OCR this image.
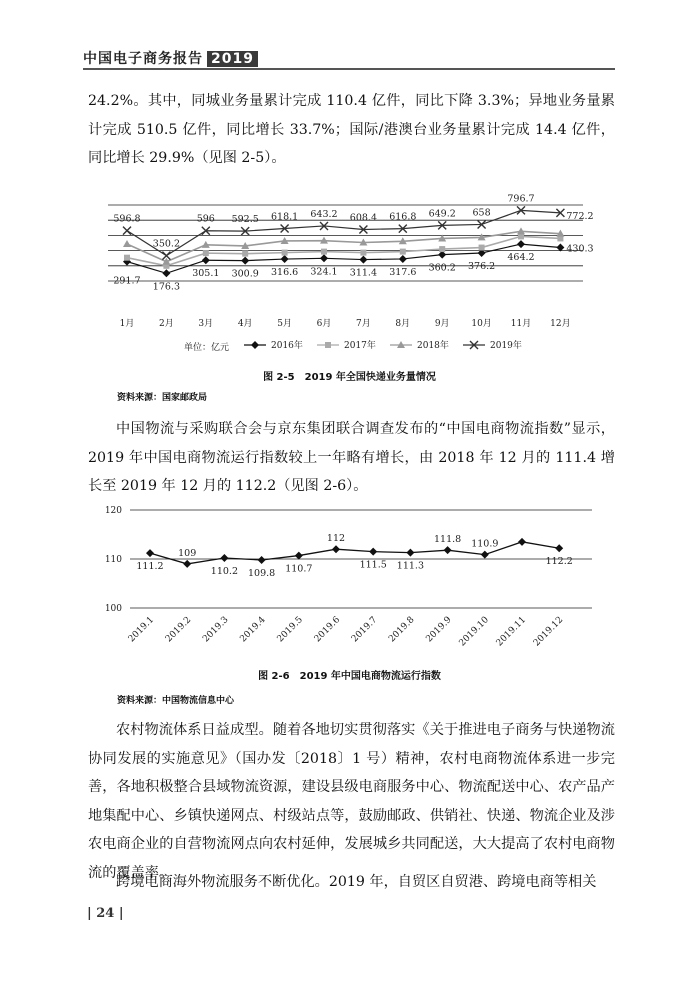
中国电子商务报告 2019
24.2%。其中，同城业务量累计完成 110.4 亿件，同比下降 3.3%；异地业务量累计完成 510.5 亿件，同比增长 33.7%；国际/港澳台业务量累计完成 14.4 亿件，同比增长 29.9%（见图 2-5）。
1月	2月	3月	4月	5月	6月	7月	8月	9月 10月 11月 12月
291.7
176.3
305.1 300.9 316.6 324.1 311.4 317.6 360.2 376.2
464.2
430.3
596.8
350.2
596 592.5 618.1 643.2 608.4 616.8 649.2 658
796.7
772.2
单位：亿元	2016年	2017年	2018年	2019年
图 2-5　2019 年全国快递业务量情况
资料来源：国家邮政局
中国物流与采购联合会与京东集团联合调查发布的“中国电商物流指数”显示，2019 年中国电商物流运行指数较上一年略有增长，由 2018 年 12 月的 111.4 增长至 2019 年 12 月的 112.2（见图 2-6）。
100
110
120
111.2
109
110.2 109.8 110.7
112
111.5 111.3
111.8 110.9
112.2
2019.1 2019.2 2019.3 2019.4 2019.5 2019.6 2019.7 2019.8 2019.9 2019.10 2019.11 2019.12
图 2-6　2019 年中国电商物流运行指数
资料来源：中国物流信息中心
农村物流体系日益成型。随着各地切实贯彻落实《关于推进电子商务与快递物流协同发展的实施意见》（国办发〔2018〕1 号）精神，农村电商物流体系进一步完善，各地积极整合县域物流资源，建设县级电商服务中心、物流配送中心、农产品产地集配中心、乡镇快递网点、村级站点等，鼓励邮政、供销社、快递、物流企业及涉农电商企业的自营物流网点向农村延伸，发展城乡共同配送，大大提高了农村电商物流的覆盖率。
跨境电商海外物流服务不断优化。2019 年，自贸区自贸港、跨境电商等相关
| 24 |
